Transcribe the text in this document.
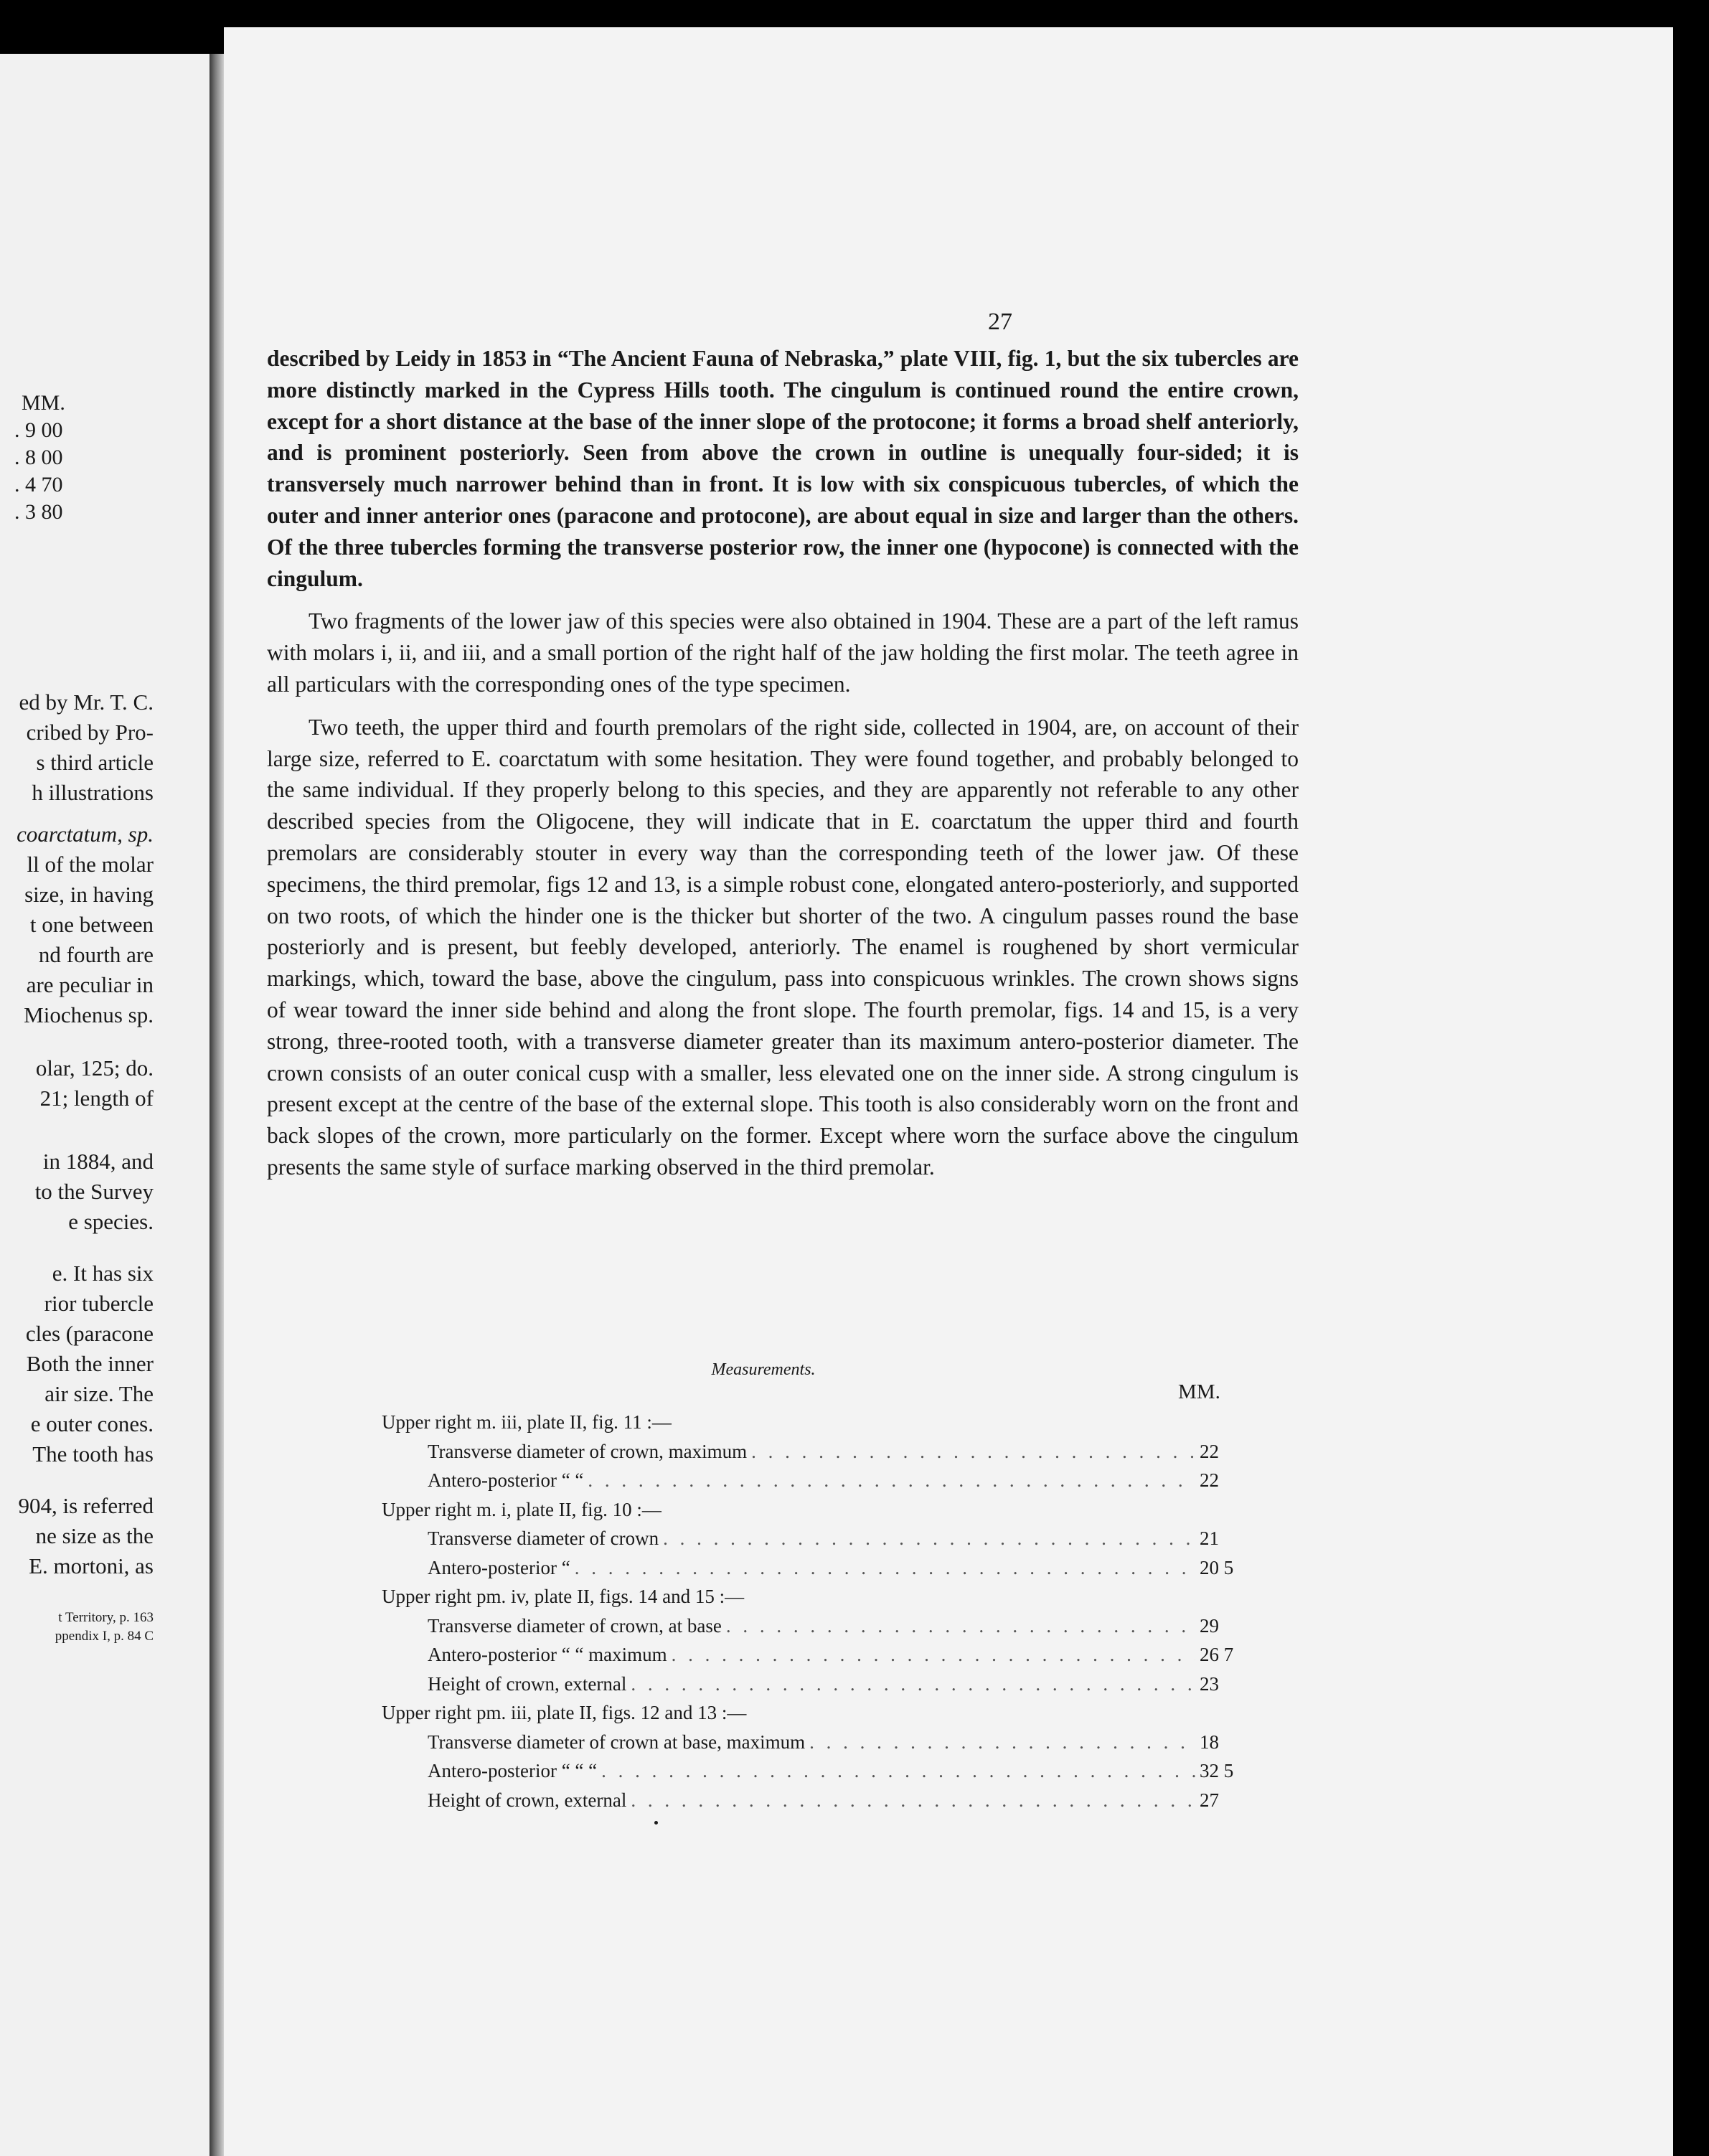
MM.
. 9 00
. 8 00
. 4 70
. 3 80
ed by Mr. T. C.
cribed by Pro-
s third article
h illustrations
coarctatum, sp.
ll of the molar
size, in having
t one between
nd fourth are
are peculiar in
Miochenus sp.
olar, 125; do.
21; length of
in 1884, and
to the Survey
e species.
e. It has six
rior tubercle
cles (paracone
Both the inner
air size. The
e outer cones.
The tooth has
904, is referred
ne size as the
E. mortoni, as
t Territory, p. 163
ppendix I, p. 84 C
27

described by Leidy in 1853 in “The Ancient Fauna of Nebraska,” plate VIII, fig. 1, but the six tubercles are more distinctly marked in the Cypress Hills tooth. The cingulum is continued round the entire crown, except for a short distance at the base of the inner slope of the protocone; it forms a broad shelf anteriorly, and is prominent posteriorly. Seen from above the crown in outline is unequally four-sided; it is transversely much narrower behind than in front. It is low with six conspicuous tubercles, of which the outer and inner anterior ones (paracone and protocone), are about equal in size and larger than the others. Of the three tubercles forming the transverse posterior row, the inner one (hypocone) is connected with the cingulum.

Two fragments of the lower jaw of this species were also obtained in 1904. These are a part of the left ramus with molars i, ii, and iii, and a small portion of the right half of the jaw holding the first molar. The teeth agree in all particulars with the corresponding ones of the type specimen.

Two teeth, the upper third and fourth premolars of the right side, collected in 1904, are, on account of their large size, referred to E. coarctatum with some hesitation. They were found together, and probably belonged to the same individual. If they properly belong to this species, and they are apparently not referable to any other described species from the Oligocene, they will indicate that in E. coarctatum the upper third and fourth premolars are considerably stouter in every way than the corresponding teeth of the lower jaw. Of these specimens, the third premolar, figs 12 and 13, is a simple robust cone, elongated antero-posteriorly, and supported on two roots, of which the hinder one is the thicker but shorter of the two. A cingulum passes round the base posteriorly and is present, but feebly developed, anteriorly. The enamel is roughened by short vermicular markings, which, toward the base, above the cingulum, pass into conspicuous wrinkles. The crown shows signs of wear toward the inner side behind and along the front slope. The fourth premolar, figs. 14 and 15, is a very strong, three-rooted tooth, with a transverse diameter greater than its maximum antero-posterior diameter. The crown consists of an outer conical cusp with a smaller, less elevated one on the inner side. A strong cingulum is present except at the centre of the base of the external slope. This tooth is also considerably worn on the front and back slopes of the crown, more particularly on the former. Except where worn the surface above the cingulum presents the same style of surface marking observed in the third premolar.

Measurements.
MM.
Upper right m. iii, plate II, fig. 11 :—
Transverse diameter of crown, maximum . . .	22
Antero-posterior “ “ . . .	22
Upper right m. i, plate II, fig. 10 :—
Transverse diameter of crown . . .	21
Antero-posterior “ . . .	20 5
Upper right pm. iv, plate II, figs. 14 and 15 :—
Transverse diameter of crown, at base . . .	29
Antero-posterior “ “ maximum . . .	26 7
Height of crown, external . . .	23
Upper right pm. iii, plate II, figs. 12 and 13 :—
Transverse diameter of crown at base, maximum . . .	18
Antero-posterior “ “ “ . . .	32 5
Height of crown, external . . .	27
